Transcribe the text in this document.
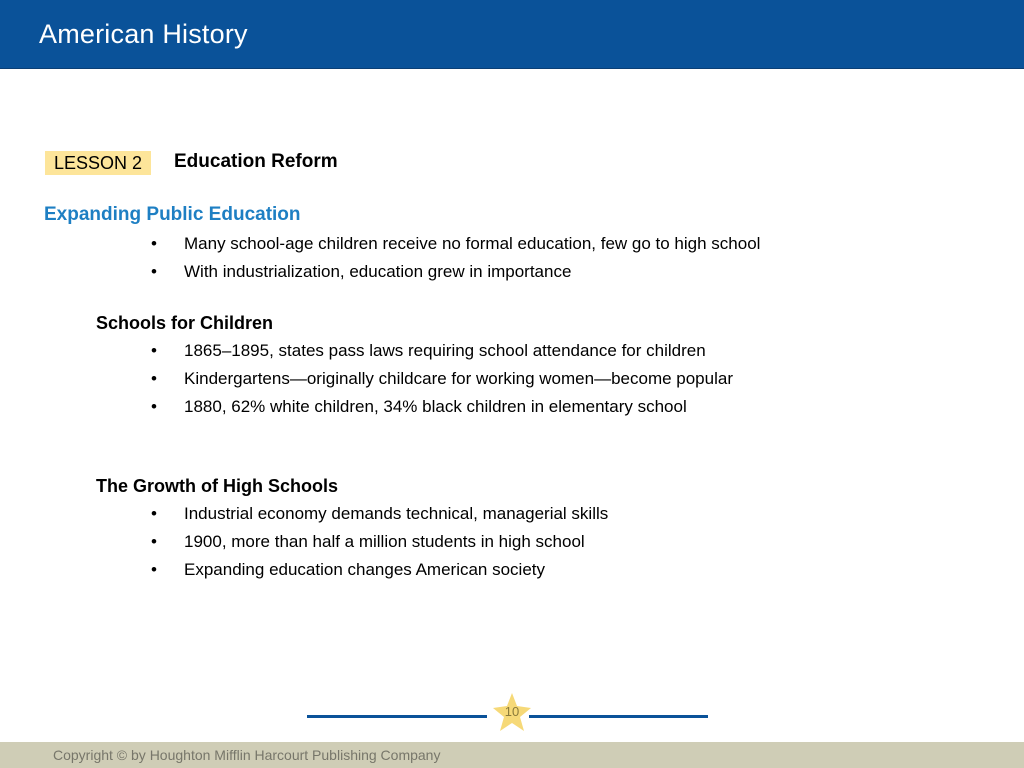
American History
LESSON 2 Education Reform
Expanding Public Education
• Many school-age children receive no formal education, few go to high school
• With industrialization, education grew in importance
Schools for Children
• 1865–1895, states pass laws requiring school attendance for children
• Kindergartens—originally childcare for working women—become popular
• 1880, 62% white children, 34% black children in elementary school
The Growth of High Schools
• Industrial economy demands technical, managerial skills
• 1900, more than half a million students in high school
• Expanding education changes American society
10
Copyright © by Houghton Mifflin Harcourt Publishing Company
